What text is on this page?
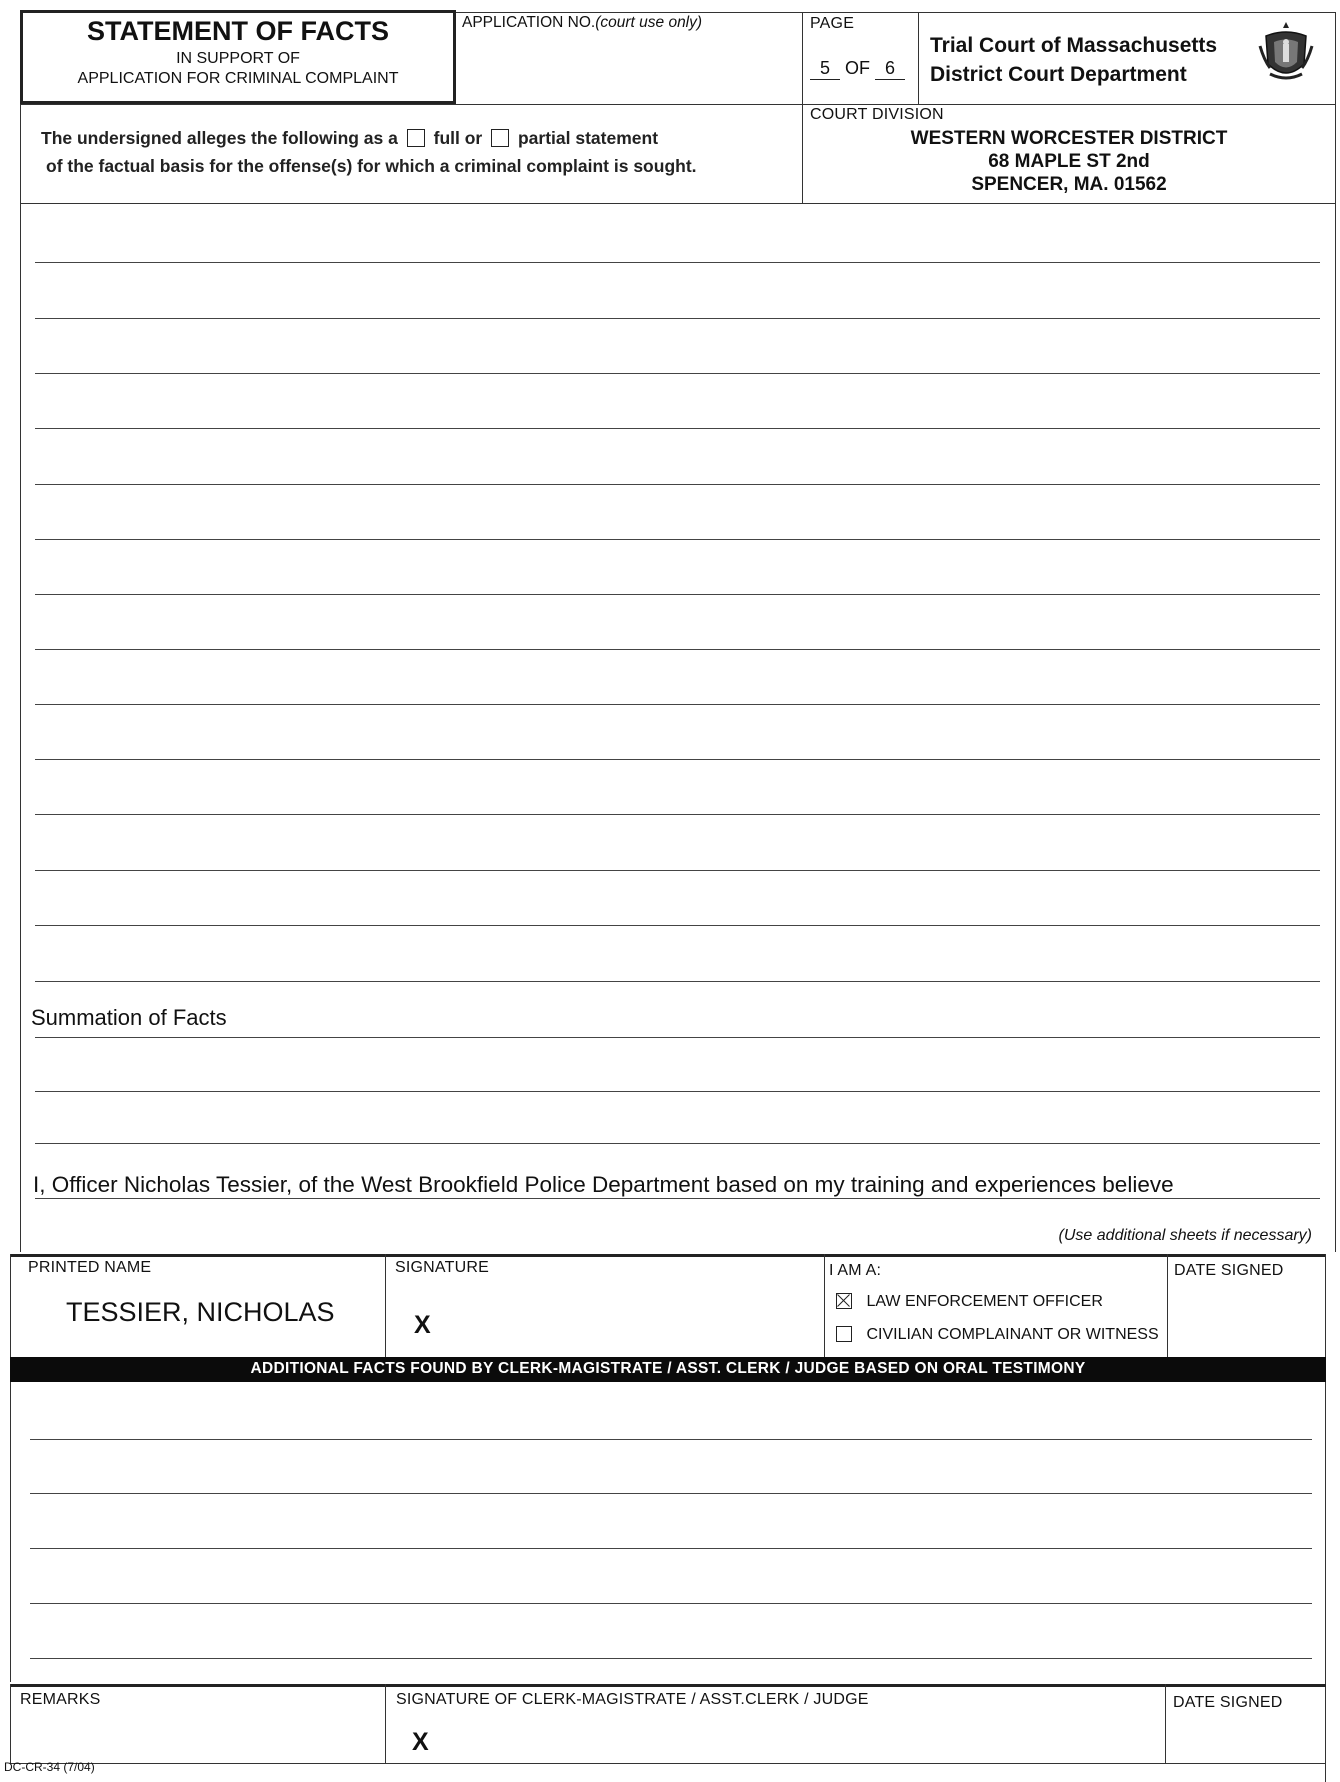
STATEMENT OF FACTS
IN SUPPORT OF
APPLICATION FOR CRIMINAL COMPLAINT
APPLICATION NO.(court use only)	PAGE
5 OF 6
Trial Court of Massachusetts
District Court Department
The undersigned alleges the following as a full or partial statement
of the factual basis for the offense(s) for which a criminal complaint is sought.
COURT DIVISION
WESTERN WORCESTER DISTRICT
68 MAPLE ST 2nd
SPENCER, MA. 01562
Summation of Facts
I, Officer Nicholas Tessier, of the West Brookfield Police Department based on my training and experiences believe
(Use additional sheets if necessary)
PRINTED NAME
TESSIER, NICHOLAS
SIGNATURE
X
I AM A:
LAW ENFORCEMENT OFFICER
CIVILIAN COMPLAINANT OR WITNESS
DATE SIGNED
ADDITIONAL FACTS FOUND BY CLERK-MAGISTRATE / ASST. CLERK / JUDGE BASED ON ORAL TESTIMONY
REMARKS	SIGNATURE OF CLERK-MAGISTRATE / ASST.CLERK / JUDGE
X
DATE SIGNED
DC-CR-34 (7/04)
